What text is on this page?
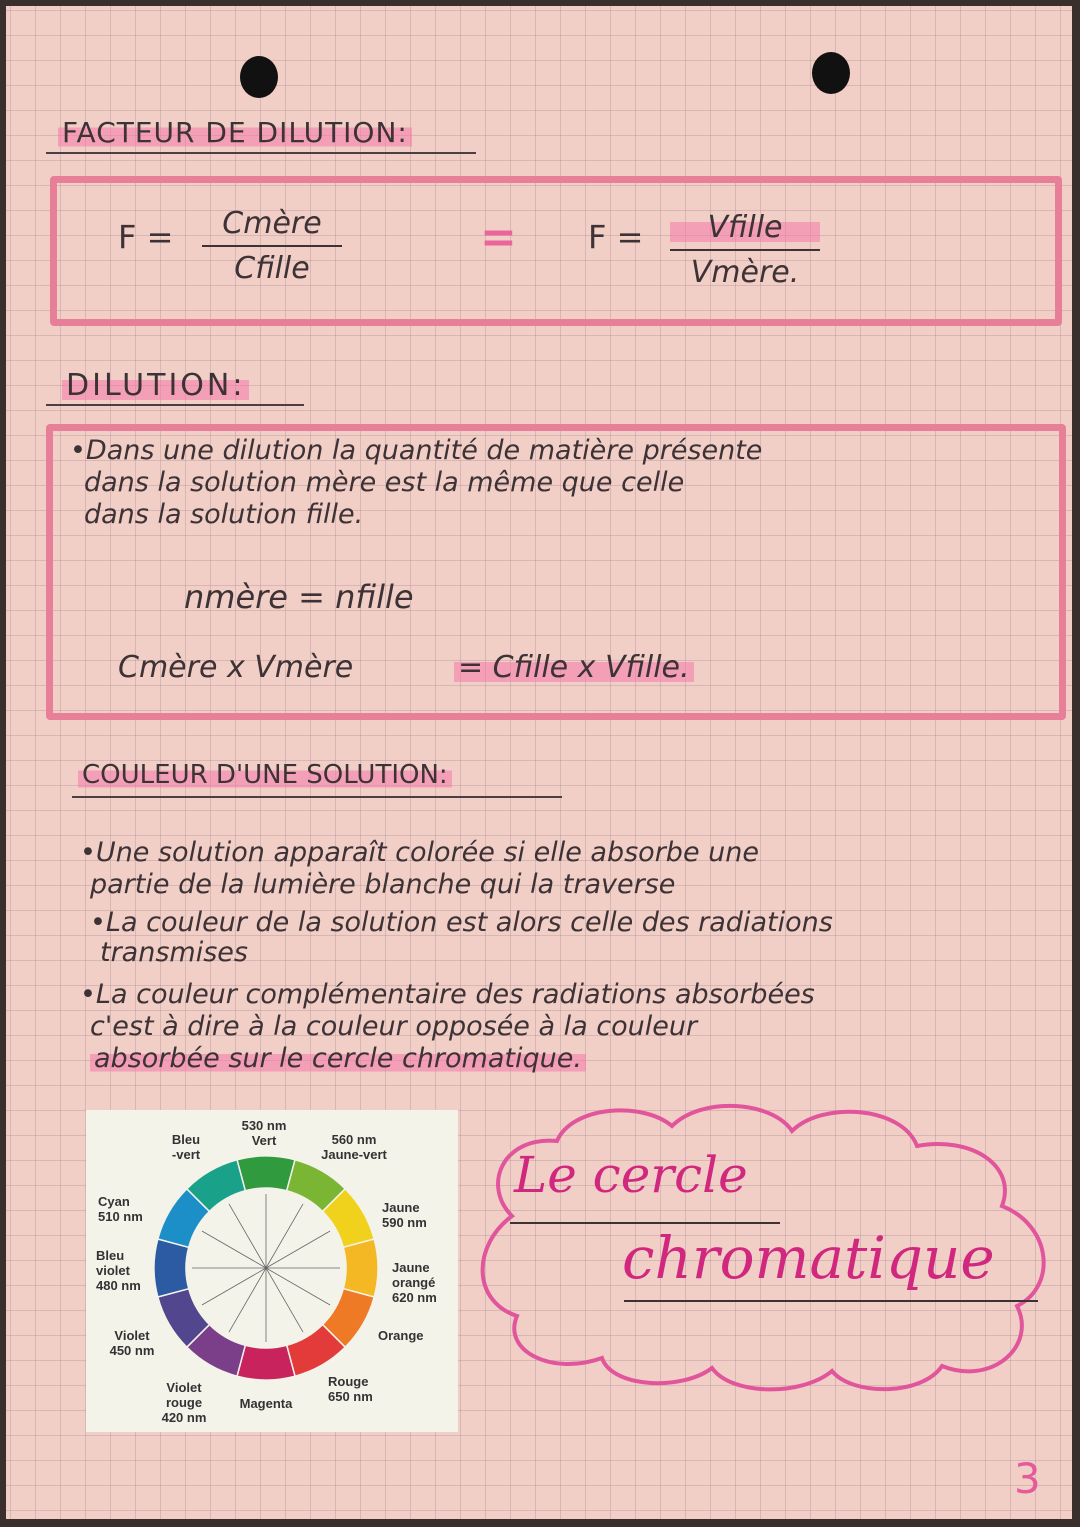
FACTEUR DE DILUTION:
F =	Cmère
Cfille
= F =	Vfille
Vmère.
DILUTION:
•Dans une dilution la quantité de matière présente
dans la solution mère est la même que celle
dans la solution fille.
nmère = nfille
Cmère x Vmère	= Cfille x Vfille.
COULEUR D'UNE SOLUTION:
•Une solution apparaît colorée si elle absorbe une
partie de la lumière blanche qui la traverse
•La couleur de la solution est alors celle des radiations
transmises
•La couleur complémentaire des radiations absorbées
c'est à dire à la couleur opposée à la couleur
absorbée sur le cercle chromatique.
530 nm
Vert	560 nm
Jaune-vert
Jaune
590 nm
Jaune
orangé
620 nm
Orange
Rouge
650 nm
Magenta
Violet
rouge
420 nm
Violet
450 nm
Bleu
violet
480 nm
Cyan
510 nm
Bleu
-vert	Le cercle
chromatique
3
